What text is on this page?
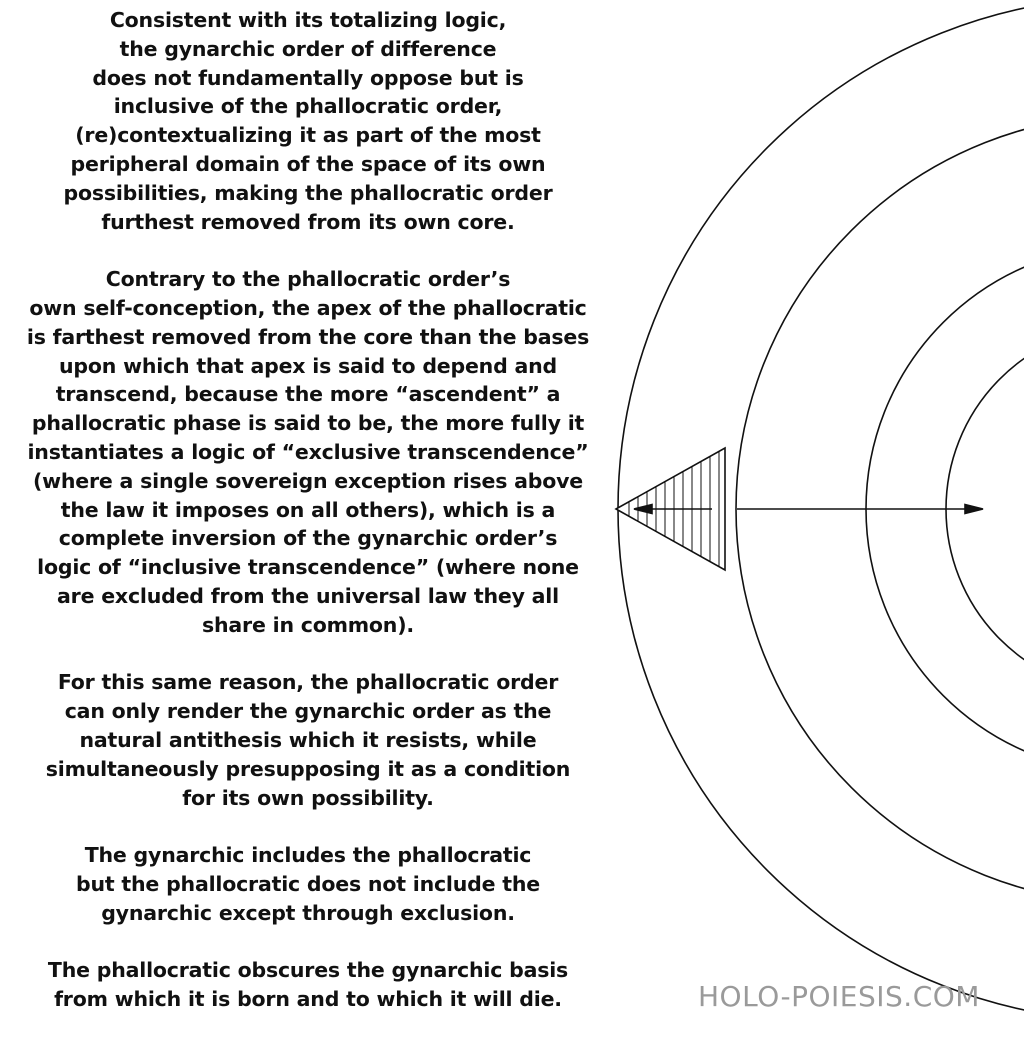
Consistent with its totalizing logic,
the gynarchic order of difference
does not fundamentally oppose but is
inclusive of the phallocratic order,
(re)contextualizing it as part of the most
peripheral domain of the space of its own
possibilities, making the phallocratic order
furthest removed from its own core.

Contrary to the phallocratic order’s
own self-conception, the apex of the phallocratic
is farthest removed from the core than the bases
upon which that apex is said to depend and
transcend, because the more “ascendent” a
phallocratic phase is said to be, the more fully it
instantiates a logic of “exclusive transcendence”
(where a single sovereign exception rises above
the law it imposes on all others), which is a
complete inversion of the gynarchic order’s
logic of “inclusive transcendence” (where none
are excluded from the universal law they all
share in common).

For this same reason, the phallocratic order
can only render the gynarchic order as the
natural antithesis which it resists, while
simultaneously presupposing it as a condition
for its own possibility.

The gynarchic includes the phallocratic
but the phallocratic does not include the
gynarchic except through exclusion.

The phallocratic obscures the gynarchic basis
from which it is born and to which it will die.	HOLO-POIESIS.COM
